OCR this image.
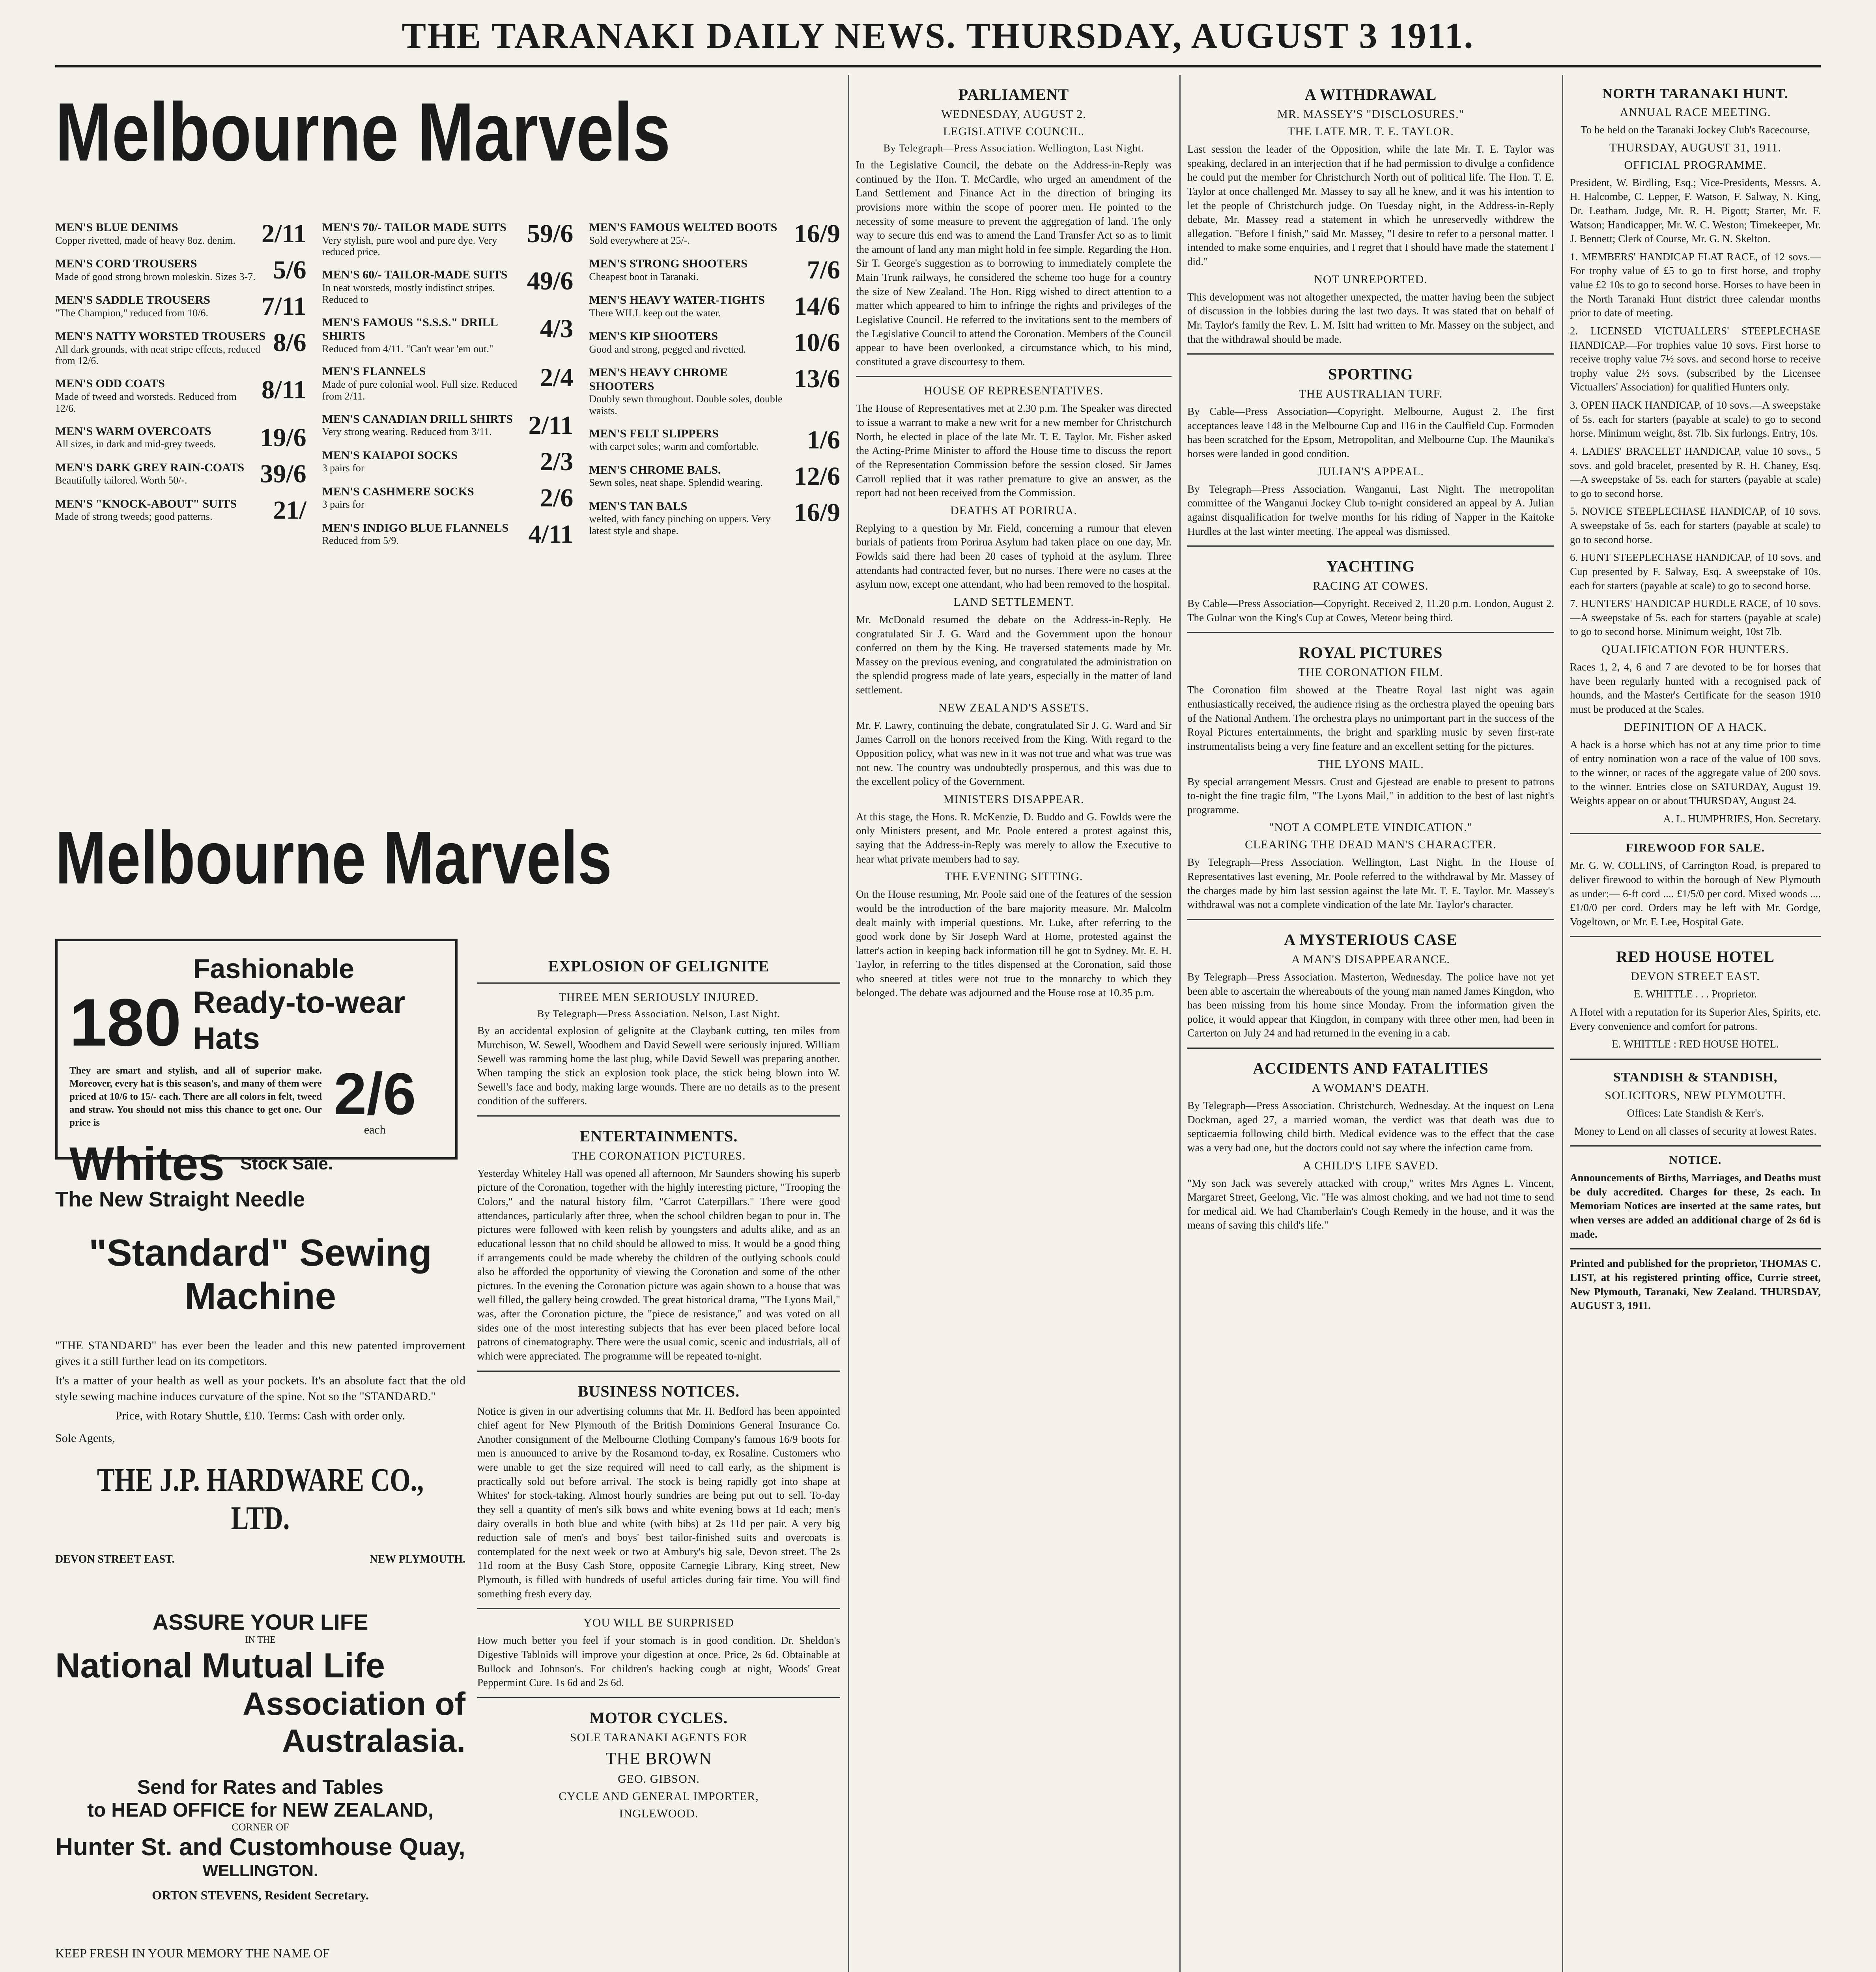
THE TARANAKI DAILY NEWS. THURSDAY, AUGUST 3 1911.
Melbourne Marvels
MEN'S BLUE DENIMS
Copper rivetted, made of heavy 8oz. denim. 2/11
MEN'S CORD TROUSERS
Made of good strong brown moleskin. Sizes 3-7. 5/6
MEN'S SADDLE TROUSERS
"The Champion," reduced from 10/6.	7/11
MEN'S NATTY WORSTED TROUSERS
All dark grounds, with neat stripe effects, reduced from 12/6.
8/6
MEN'S ODD COATS
Made of tweed and worsteds. Reduced from 12/6.
8/11
MEN'S WARM OVERCOATS
All sizes, in dark and mid-grey tweeds.	19/6
MEN'S DARK GREY RAIN-COATS
Beautifully tailored. Worth 50/-.	39/6
MEN'S "KNOCK-ABOUT" SUITS
Made of strong tweeds; good patterns.	21/
MEN'S 70/- TAILOR MADE SUITS
Very stylish, pure wool and pure dye. Very reduced price.
59/6
MEN'S 60/- TAILOR-MADE SUITS
In neat worsteds, mostly indistinct stripes. Reduced to
49/6
MEN'S FAMOUS "S.S.S." DRILL SHIRTS
Reduced from 4/11. "Can't wear 'em out."
4/3
MEN'S FLANNELS
Made of pure colonial wool. Full size. Reduced from 2/11.
2/4
MEN'S CANADIAN DRILL SHIRTS
Very strong wearing. Reduced from 3/11.	2/11
MEN'S KAIAPOI SOCKS
3 pairs for	2/3
MEN'S CASHMERE SOCKS
3 pairs for	2/6
MEN'S INDIGO BLUE FLANNELS
Reduced from 5/9.	4/11
MEN'S FAMOUS WELTED BOOTS
Sold everywhere at 25/-.	16/9
MEN'S STRONG SHOOTERS
Cheapest boot in Taranaki.	7/6
MEN'S HEAVY WATER-TIGHTS
There WILL keep out the water.	14/6
MEN'S KIP SHOOTERS
Good and strong, pegged and rivetted.	10/6
MEN'S HEAVY CHROME SHOOTERS
Doubly sewn throughout. Double soles, double waists.
13/6
MEN'S FELT SLIPPERS
with carpet soles; warm and comfortable.	1/6
MEN'S CHROME BALS.
Sewn soles, neat shape. Splendid wearing.	12/6
MEN'S TAN BALS
welted, with fancy pinching on uppers. Very latest style and shape.
16/9
Melbourne Marvels
180
Fashionable
Ready-to-wear Hats
They are smart and stylish, and all of superior make. Moreover, every hat is this season's, and many of them were priced at 10/6 to 15/- each. There are all colors in felt, tweed and straw. You should not miss this chance to get one. Our price is	2/6
each
Whites Stock Sale.
The New Straight Needle
"Standard" Sewing Machine
"THE STANDARD" has ever been the leader and this new patented improvement gives it a still further lead on its competitors.
It's a matter of your health as well as your pockets. It's an absolute fact that the old style sewing machine induces curvature of the spine. Not so the "STANDARD."
Price, with Rotary Shuttle, £10. Terms: Cash with order only.
Sole Agents,
THE J.P. HARDWARE CO., LTD.
DEVON STREET EAST.	NEW PLYMOUTH.
ASSURE YOUR LIFE
IN THE
National Mutual Life
Association of Australasia.
Send for Rates and Tables
to HEAD OFFICE for NEW ZEALAND,
CORNER OF
Hunter St. and Customhouse Quay,
WELLINGTON.
ORTON STEVENS, Resident Secretary.
KEEP FRESH IN YOUR MEMORY THE NAME OF
EXPLOSION OF GELIGNITE
THREE MEN SERIOUSLY INJURED.
By Telegraph—Press Association. Nelson, Last Night.

By an accidental explosion of gelignite at the Claybank cutting, ten miles from Murchison, W. Sewell, Woodhem and David Sewell were seriously injured. William Sewell was ramming home the last plug, while David Sewell was preparing another. When tamping the stick an explosion took place, the stick being blown into W. Sewell's face and body, making large wounds. There are no details as to the present condition of the sufferers.

ENTERTAINMENTS.
THE CORONATION PICTURES.

Yesterday Whiteley Hall was opened all afternoon, Mr Saunders showing his superb picture of the Coronation, together with the highly interesting picture, "Trooping the Colors," and the natural history film, "Carrot Caterpillars." There were good attendances, particularly after three, when the school children began to pour in. The pictures were followed with keen relish by youngsters and adults alike, and as an educational lesson that no child should be allowed to miss. It would be a good thing if arrangements could be made whereby the children of the outlying schools could also be afforded the opportunity of viewing the Coronation and some of the other pictures. In the evening the Coronation picture was again shown to a house that was well filled, the gallery being crowded. The great historical drama, "The Lyons Mail," was, after the Coronation picture, the "piece de resistance," and was voted on all sides one of the most interesting subjects that has ever been placed before local patrons of cinematography. There were the usual comic, scenic and industrials, all of which were appreciated. The programme will be repeated to-night.

BUSINESS NOTICES.

Notice is given in our advertising columns that Mr. H. Bedford has been appointed chief agent for New Plymouth of the British Dominions General Insurance Co. Another consignment of the Melbourne Clothing Company's famous 16/9 boots for men is announced to arrive by the Rosamond to-day, ex Rosaline. Customers who were unable to get the size required will need to call early, as the shipment is practically sold out before arrival. The stock is being rapidly got into shape at Whites' for stock-taking. Almost hourly sundries are being put out to sell. To-day they sell a quantity of men's silk bows and white evening bows at 1d each; men's dairy overalls in both blue and white (with bibs) at 2s 11d per pair. A very big reduction sale of men's and boys' best tailor-finished suits and overcoats is contemplated for the next week or two at Ambury's big sale, Devon street. The 2s 11d room at the Busy Cash Store, opposite Carnegie Library, King street, New Plymouth, is filled with hundreds of useful articles during fair time. You will find something fresh every day.

YOU WILL BE SURPRISED

How much better you feel if your stomach is in good condition. Dr. Sheldon's Digestive Tabloids will improve your digestion at once. Price, 2s 6d. Obtainable at Bullock and Johnson's. For children's hacking cough at night, Woods' Great Peppermint Cure. 1s 6d and 2s 6d.

MOTOR CYCLES.
SOLE TARANAKI AGENTS FOR
THE BROWN
GEO. GIBSON.
CYCLE AND GENERAL IMPORTER,
INGLEWOOD.
PARLIAMENT
WEDNESDAY, AUGUST 2.
LEGISLATIVE COUNCIL.
By Telegraph—Press Association. Wellington, Last Night.

In the Legislative Council, the debate on the Address-in-Reply was continued by the Hon. T. McCardle, who urged an amendment of the Land Settlement and Finance Act in the direction of bringing its provisions more within the scope of poorer men. He pointed to the necessity of some measure to prevent the aggregation of land. The only way to secure this end was to amend the Land Transfer Act so as to limit the amount of land any man might hold in fee simple. Regarding the Hon. Sir T. George's suggestion as to borrowing to immediately complete the Main Trunk railways, he considered the scheme too huge for a country the size of New Zealand. The Hon. Rigg wished to direct attention to a matter which appeared to him to infringe the rights and privileges of the Legislative Council. He referred to the invitations sent to the members of the Legislative Council to attend the Coronation. Members of the Council appear to have been overlooked, a circumstance which, to his mind, constituted a grave discourtesy to them.

HOUSE OF REPRESENTATIVES.

The House of Representatives met at 2.30 p.m. The Speaker was directed to issue a warrant to make a new writ for a new member for Christchurch North, he elected in place of the late Mr. T. E. Taylor. Mr. Fisher asked the Acting-Prime Minister to afford the House time to discuss the report of the Representation Commission before the session closed. Sir James Carroll replied that it was rather premature to give an answer, as the report had not been received from the Commission.

DEATHS AT PORIRUA.

Replying to a question by Mr. Field, concerning a rumour that eleven burials of patients from Porirua Asylum had taken place on one day, Mr. Fowlds said there had been 20 cases of typhoid at the asylum. Three attendants had contracted fever, but no nurses. There were no cases at the asylum now, except one attendant, who had been removed to the hospital.

LAND SETTLEMENT.

Mr. McDonald resumed the debate on the Address-in-Reply. He congratulated Sir J. G. Ward and the Government upon the honour conferred on them by the King. He traversed statements made by Mr. Massey on the previous evening, and congratulated the administration on the splendid progress made of late years, especially in the matter of land settlement.

NEW ZEALAND'S ASSETS.

Mr. F. Lawry, continuing the debate, congratulated Sir J. G. Ward and Sir James Carroll on the honors received from the King. With regard to the Opposition policy, what was new in it was not true and what was true was not new. The country was undoubtedly prosperous, and this was due to the excellent policy of the Government.

MINISTERS DISAPPEAR.

At this stage, the Hons. R. McKenzie, D. Buddo and G. Fowlds were the only Ministers present, and Mr. Poole entered a protest against this, saying that the Address-in-Reply was merely to allow the Executive to hear what private members had to say.

THE EVENING SITTING.

On the House resuming, Mr. Poole said one of the features of the session would be the introduction of the bare majority measure. Mr. Malcolm dealt mainly with imperial questions. Mr. Luke, after referring to the good work done by Sir Joseph Ward at Home, protested against the latter's action in keeping back information till he got to Sydney. Mr. E. H. Taylor, in referring to the titles dispensed at the Coronation, said those who sneered at titles were not true to the monarchy to which they belonged. The debate was adjourned and the House rose at 10.35 p.m.

A WITHDRAWAL
MR. MASSEY'S "DISCLOSURES."
THE LATE MR. T. E. TAYLOR.

Last session the leader of the Opposition, while the late Mr. T. E. Taylor was speaking, declared in an interjection that if he had permission to divulge a confidence he could put the member for Christchurch North out of political life. The Hon. T. E. Taylor at once challenged Mr. Massey to say all he knew, and it was his intention to let the people of Christchurch judge. On Tuesday night, in the Address-in-Reply debate, Mr. Massey read a statement in which he unreservedly withdrew the allegation. "Before I finish," said Mr. Massey, "I desire to refer to a personal matter. I intended to make some enquiries, and I regret that I should have made the statement I did."

NOT UNREPORTED.

This development was not altogether unexpected, the matter having been the subject of discussion in the lobbies during the last two days. It was stated that on behalf of Mr. Taylor's family the Rev. L. M. Isitt had written to Mr. Massey on the subject, and that the withdrawal should be made.

SPORTING
THE AUSTRALIAN TURF.

By Cable—Press Association—Copyright. Melbourne, August 2. The first acceptances leave 148 in the Melbourne Cup and 116 in the Caulfield Cup. Formoden has been scratched for the Epsom, Metropolitan, and Melbourne Cup. The Maunika's horses were landed in good condition.

JULIAN'S APPEAL.

By Telegraph—Press Association. Wanganui, Last Night. The metropolitan committee of the Wanganui Jockey Club to-night considered an appeal by A. Julian against disqualification for twelve months for his riding of Napper in the Kaitoke Hurdles at the last winter meeting. The appeal was dismissed.

YACHTING
RACING AT COWES.

By Cable—Press Association—Copyright. Received 2, 11.20 p.m. London, August 2. The Gulnar won the King's Cup at Cowes, Meteor being third.

ROYAL PICTURES
THE CORONATION FILM.

The Coronation film showed at the Theatre Royal last night was again enthusiastically received, the audience rising as the orchestra played the opening bars of the National Anthem. The orchestra plays no unimportant part in the success of the Royal Pictures entertainments, the bright and sparkling music by seven first-rate instrumentalists being a very fine feature and an excellent setting for the pictures.

THE LYONS MAIL.

By special arrangement Messrs. Crust and Gjestead are enable to present to patrons to-night the fine tragic film, "The Lyons Mail," in addition to the best of last night's programme.

"NOT A COMPLETE VINDICATION."
CLEARING THE DEAD MAN'S CHARACTER.

By Telegraph—Press Association. Wellington, Last Night. In the House of Representatives last evening, Mr. Poole referred to the withdrawal by Mr. Massey of the charges made by him last session against the late Mr. T. E. Taylor. Mr. Massey's withdrawal was not a complete vindication of the late Mr. Taylor's character.

A MYSTERIOUS CASE
A MAN'S DISAPPEARANCE.

By Telegraph—Press Association. Masterton, Wednesday. The police have not yet been able to ascertain the whereabouts of the young man named James Kingdon, who has been missing from his home since Monday. From the information given the police, it would appear that Kingdon, in company with three other men, had been in Carterton on July 24 and had returned in the evening in a cab.

ACCIDENTS AND FATALITIES
A WOMAN'S DEATH.

By Telegraph—Press Association. Christchurch, Wednesday. At the inquest on Lena Dockman, aged 27, a married woman, the verdict was that death was due to septicaemia following child birth. Medical evidence was to the effect that the case was a very bad one, but the doctors could not say where the infection came from.

A CHILD'S LIFE SAVED.

"My son Jack was severely attacked with croup," writes Mrs Agnes L. Vincent, Margaret Street, Geelong, Vic. "He was almost choking, and we had not time to send for medical aid. We had Chamberlain's Cough Remedy in the house, and it was the means of saving this child's life."

NORTH TARANAKI HUNT.
ANNUAL RACE MEETING.
To be held on the Taranaki Jockey Club's Racecourse,
THURSDAY, AUGUST 31, 1911.
OFFICIAL PROGRAMME.

President, W. Birdling, Esq.; Vice-Presidents, Messrs. A. H. Halcombe, C. Lepper, F. Watson, F. Salway, N. King, Dr. Leatham. Judge, Mr. R. H. Pigott; Starter, Mr. F. Watson; Handicapper, Mr. W. C. Weston; Timekeeper, Mr. J. Bennett; Clerk of Course, Mr. G. N. Skelton.

1. MEMBERS' HANDICAP FLAT RACE, of 12 sovs.—For trophy value of £5 to go to first horse, and trophy value £2 10s to go to second horse. Horses to have been in the North Taranaki Hunt district three calendar months prior to date of meeting.

2. LICENSED VICTUALLERS' STEEPLECHASE HANDICAP.—For trophies value 10 sovs. First horse to receive trophy value 7½ sovs. and second horse to receive trophy value 2½ sovs. (subscribed by the Licensee Victuallers' Association) for qualified Hunters only.

3. OPEN HACK HANDICAP, of 10 sovs.—A sweepstake of 5s. each for starters (payable at scale) to go to second horse. Minimum weight, 8st. 7lb. Six furlongs. Entry, 10s.

4. LADIES' BRACELET HANDICAP, value 10 sovs., 5 sovs. and gold bracelet, presented by R. H. Chaney, Esq.—A sweepstake of 5s. each for starters (payable at scale) to go to second horse.

5. NOVICE STEEPLECHASE HANDICAP, of 10 sovs. A sweepstake of 5s. each for starters (payable at scale) to go to second horse.

6. HUNT STEEPLECHASE HANDICAP, of 10 sovs. and Cup presented by F. Salway, Esq. A sweepstake of 10s. each for starters (payable at scale) to go to second horse.

7. HUNTERS' HANDICAP HURDLE RACE, of 10 sovs.—A sweepstake of 5s. each for starters (payable at scale) to go to second horse. Minimum weight, 10st 7lb.

QUALIFICATION FOR HUNTERS.

Races 1, 2, 4, 6 and 7 are devoted to be for horses that have been regularly hunted with a recognised pack of hounds, and the Master's Certificate for the season 1910 must be produced at the Scales.

DEFINITION OF A HACK.

A hack is a horse which has not at any time prior to time of entry nomination won a race of the value of 100 sovs. to the winner, or races of the aggregate value of 200 sovs. to the winner. Entries close on SATURDAY, August 19. Weights appear on or about THURSDAY, August 24.

A. L. HUMPHRIES, Hon. Secretary.
FIREWOOD FOR SALE.

Mr. G. W. COLLINS, of Carrington Road, is prepared to deliver firewood to within the borough of New Plymouth as under:— 6-ft cord .... £1/5/0 per cord. Mixed woods .... £1/0/0 per cord. Orders may be left with Mr. Gordge, Vogeltown, or Mr. F. Lee, Hospital Gate.

RED HOUSE HOTEL
DEVON STREET EAST.
E. WHITTLE . . . Proprietor.

A Hotel with a reputation for its Superior Ales, Spirits, etc. Every convenience and comfort for patrons.

E. WHITTLE : RED HOUSE HOTEL.
STANDISH & STANDISH,
SOLICITORS, NEW PLYMOUTH.
Offices: Late Standish & Kerr's.
Money to Lend on all classes of security at lowest Rates.
NOTICE.

Announcements of Births, Marriages, and Deaths must be duly accredited. Charges for these, 2s each. In Memoriam Notices are inserted at the same rates, but when verses are added an additional charge of 2s 6d is made.

Printed and published for the proprietor, THOMAS C. LIST, at his registered printing office, Currie street, New Plymouth, Taranaki, New Zealand. THURSDAY, AUGUST 3, 1911.
